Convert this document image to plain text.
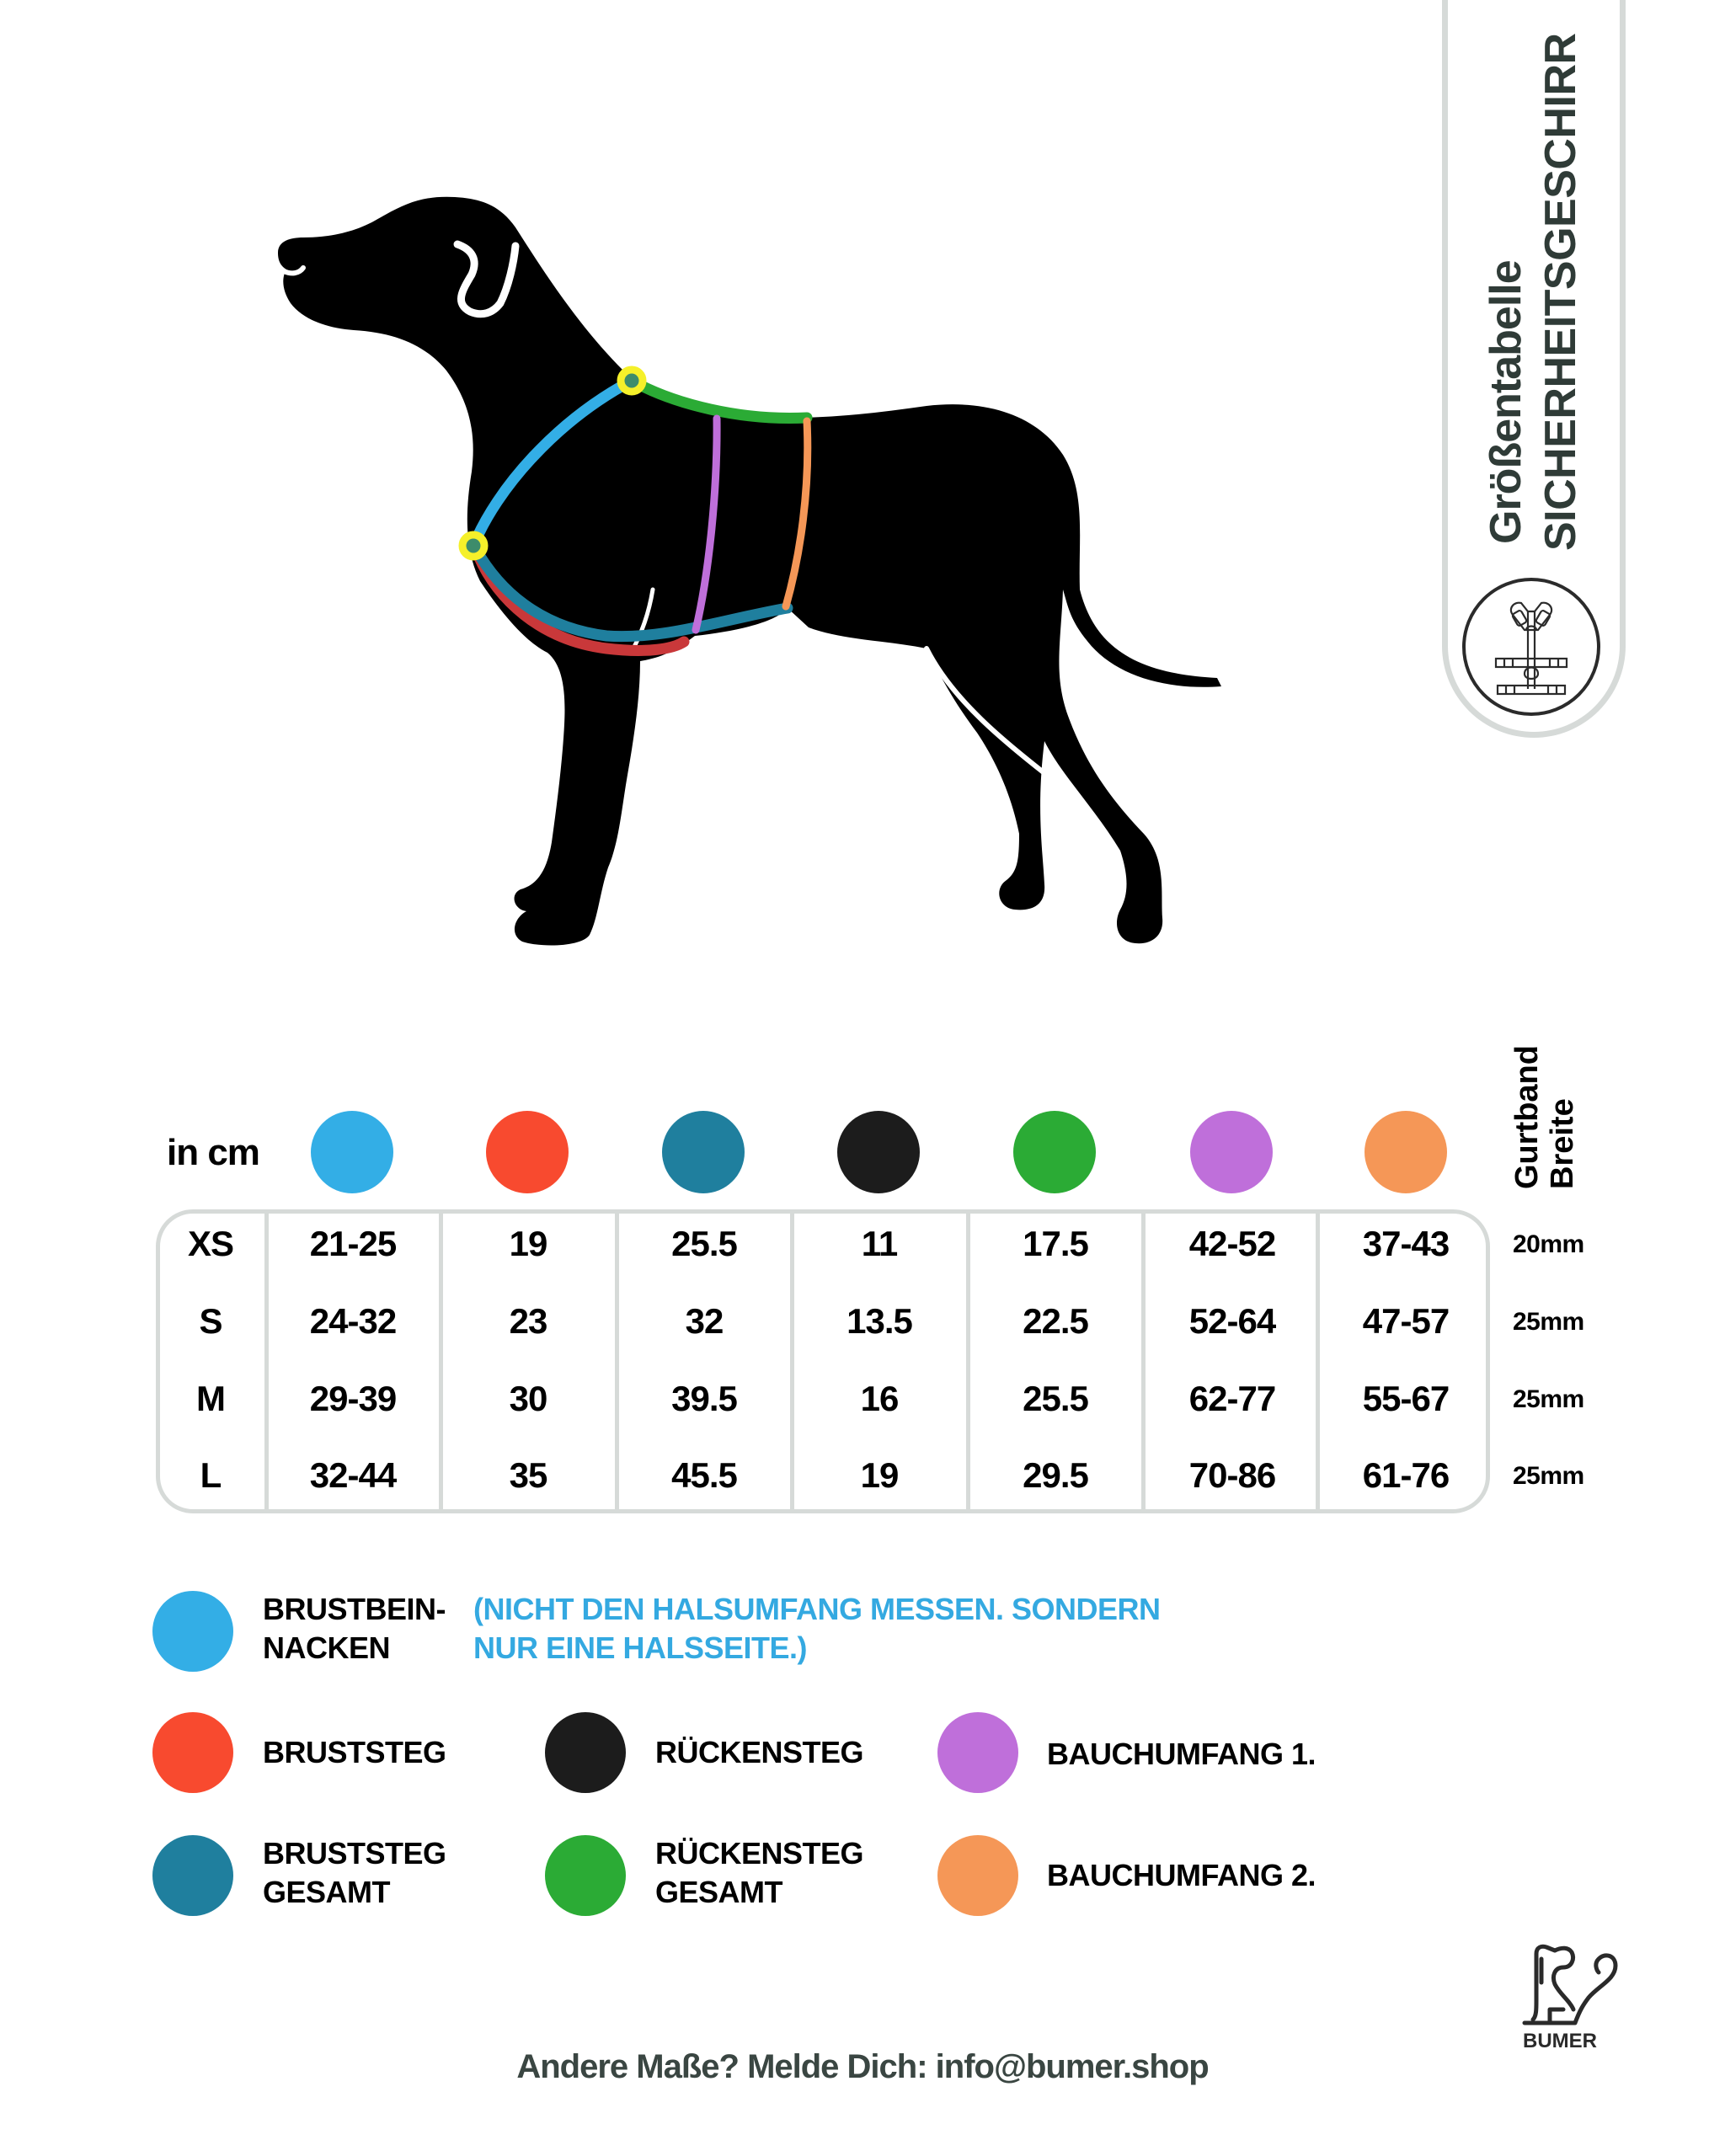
Größentabelle SICHERHEITSGESCHIRR
in cm	Gurtband Breite
XS	21-25	19	25.5	11	17.5	42-52	37-43	20mm
S	24-32	23	32	13.5	22.5	52-64	47-57	25mm
M	29-39	30	39.5	16	25.5	62-77	55-67	25mm
L	32-44	35	45.5	19	29.5	70-86	61-76	25mm
BRUSTBEIN-
NACKEN
(NICHT DEN HALSUMFANG MESSEN. SONDERN
NUR EINE HALSSEITE.)
BRUSTSTEG
BRUSTSTEG
GESAMT
RÜCKENSTEG
RÜCKENSTEG
GESAMT
BAUCHUMFANG 1.
BAUCHUMFANG 2.
BUMER
Andere Maße? Melde Dich: info@bumer.shop
